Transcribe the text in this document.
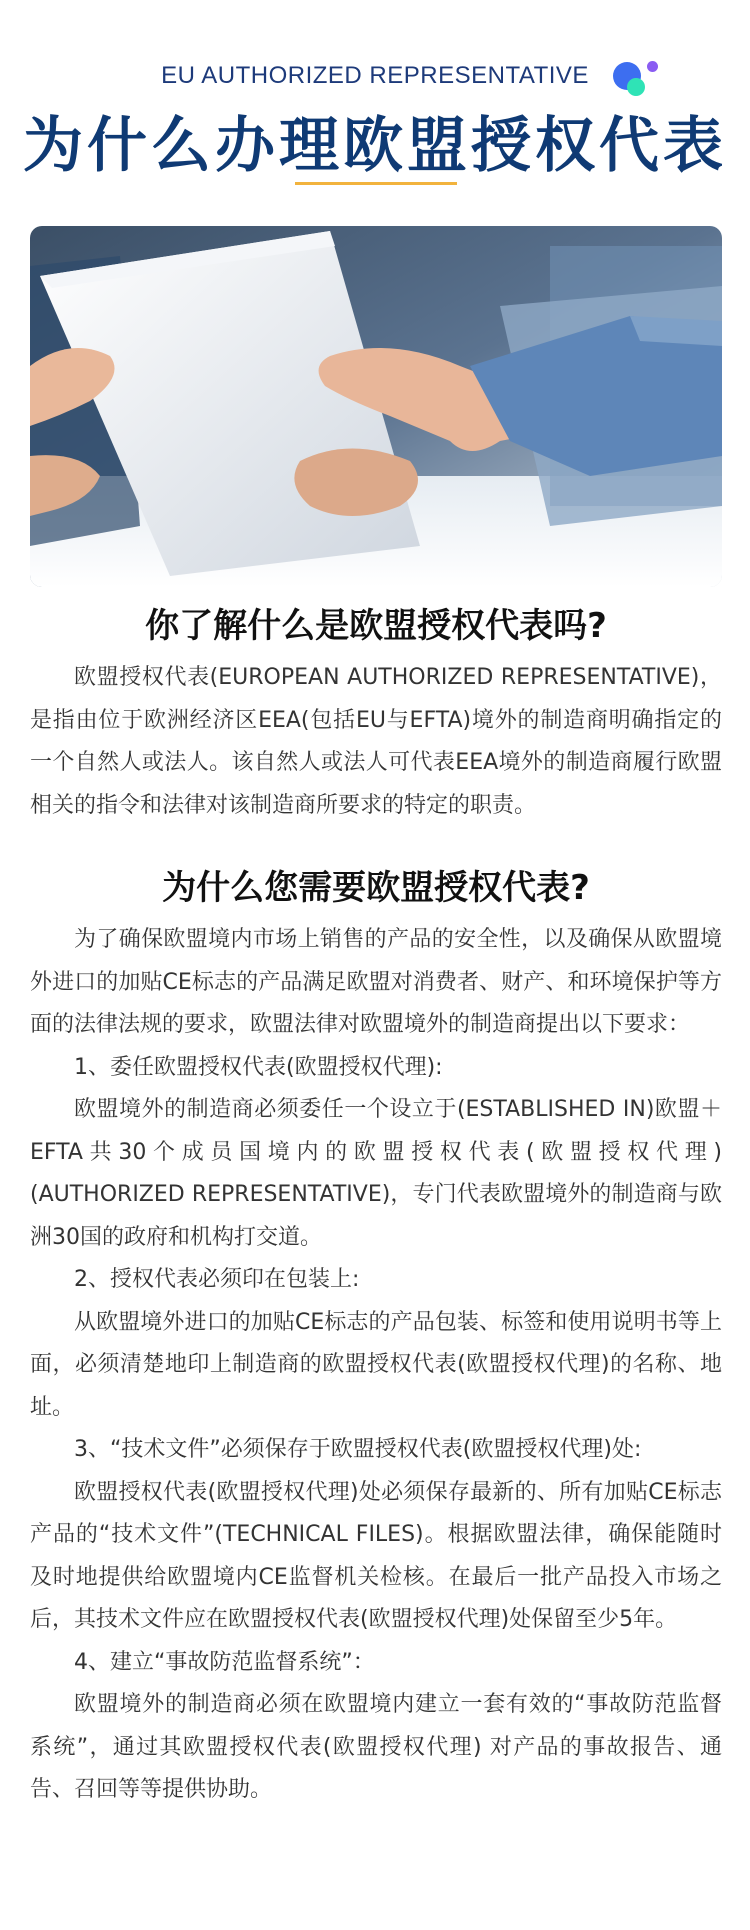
EU AUTHORIZED REPRESENTATIVE
为什么办理欧盟授权代表
你了解什么是欧盟授权代表吗?

欧盟授权代表(EUROPEAN AUTHORIZED REPRESENTATIVE)，是指由位于欧洲经济区EEA(包括EU与EFTA)境外的制造商明确指定的一个自然人或法人。该自然人或法人可代表EEA境外的制造商履行欧盟相关的指令和法律对该制造商所要求的特定的职责。

为什么您需要欧盟授权代表?

为了确保欧盟境内市场上销售的产品的安全性，以及确保从欧盟境外进口的加贴CE标志的产品满足欧盟对消费者、财产、和环境保护等方面的法律法规的要求，欧盟法律对欧盟境外的制造商提出以下要求：

1、委任欧盟授权代表(欧盟授权代理):

欧盟境外的制造商必须委任一个设立于(ESTABLISHED IN)欧盟＋EFTA共30个成员国境内的欧盟授权代表(欧盟授权代理) (AUTHORIZED REPRESENTATIVE)，专门代表欧盟境外的制造商与欧洲30国的政府和机构打交道。

2、授权代表必须印在包装上:

从欧盟境外进口的加贴CE标志的产品包装、标签和使用说明书等上面，必须清楚地印上制造商的欧盟授权代表(欧盟授权代理)的名称、地址。

3、“技术文件”必须保存于欧盟授权代表(欧盟授权代理)处:

欧盟授权代表(欧盟授权代理)处必须保存最新的、所有加贴CE标志产品的“技术文件”(TECHNICAL FILES)。根据欧盟法律，确保能随时及时地提供给欧盟境内CE监督机关检核。在最后一批产品投入市场之后，其技术文件应在欧盟授权代表(欧盟授权代理)处保留至少5年。

4、建立“事故防范监督系统”：

欧盟境外的制造商必须在欧盟境内建立一套有效的“事故防范监督系统”，通过其欧盟授权代表(欧盟授权代理) 对产品的事故报告、通告、召回等等提供协助。
